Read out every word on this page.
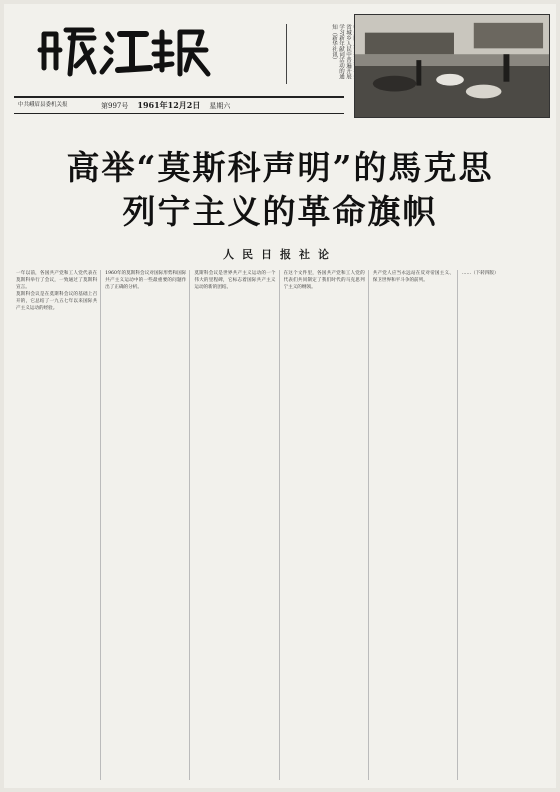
省城乡人民中普遍开展学习新年献词活动的通知（新华社讯）
中共峨眉县委机关报	第997号 1961年12月2日 星期六
高举“莫斯科声明”的馬克思
列宁主义的革命旗帜
人民日报社论

一年以前，各国共产党和工人党代表在莫斯科举行了会议，一致通过了莫斯科宣言。

莫斯科会议是在莫斯科会议的基础上召开的，它总结了一九五七年以来国际共产主义运动的经验。

1960年的莫斯科会议对国际形势和国际共产主义运动中的一些最重要的问题作出了正确的分析。

莫斯科会议是世界共产主义运动的一个伟大的里程碑，它标志着国际共产主义运动的新的团结。

在这个文件里，各国共产党和工人党的代表们共同制定了我们时代的马克思列宁主义的纲领。

共产党人应当永远站在反对帝国主义、保卫世界和平斗争的前列。

……（下转四版）
